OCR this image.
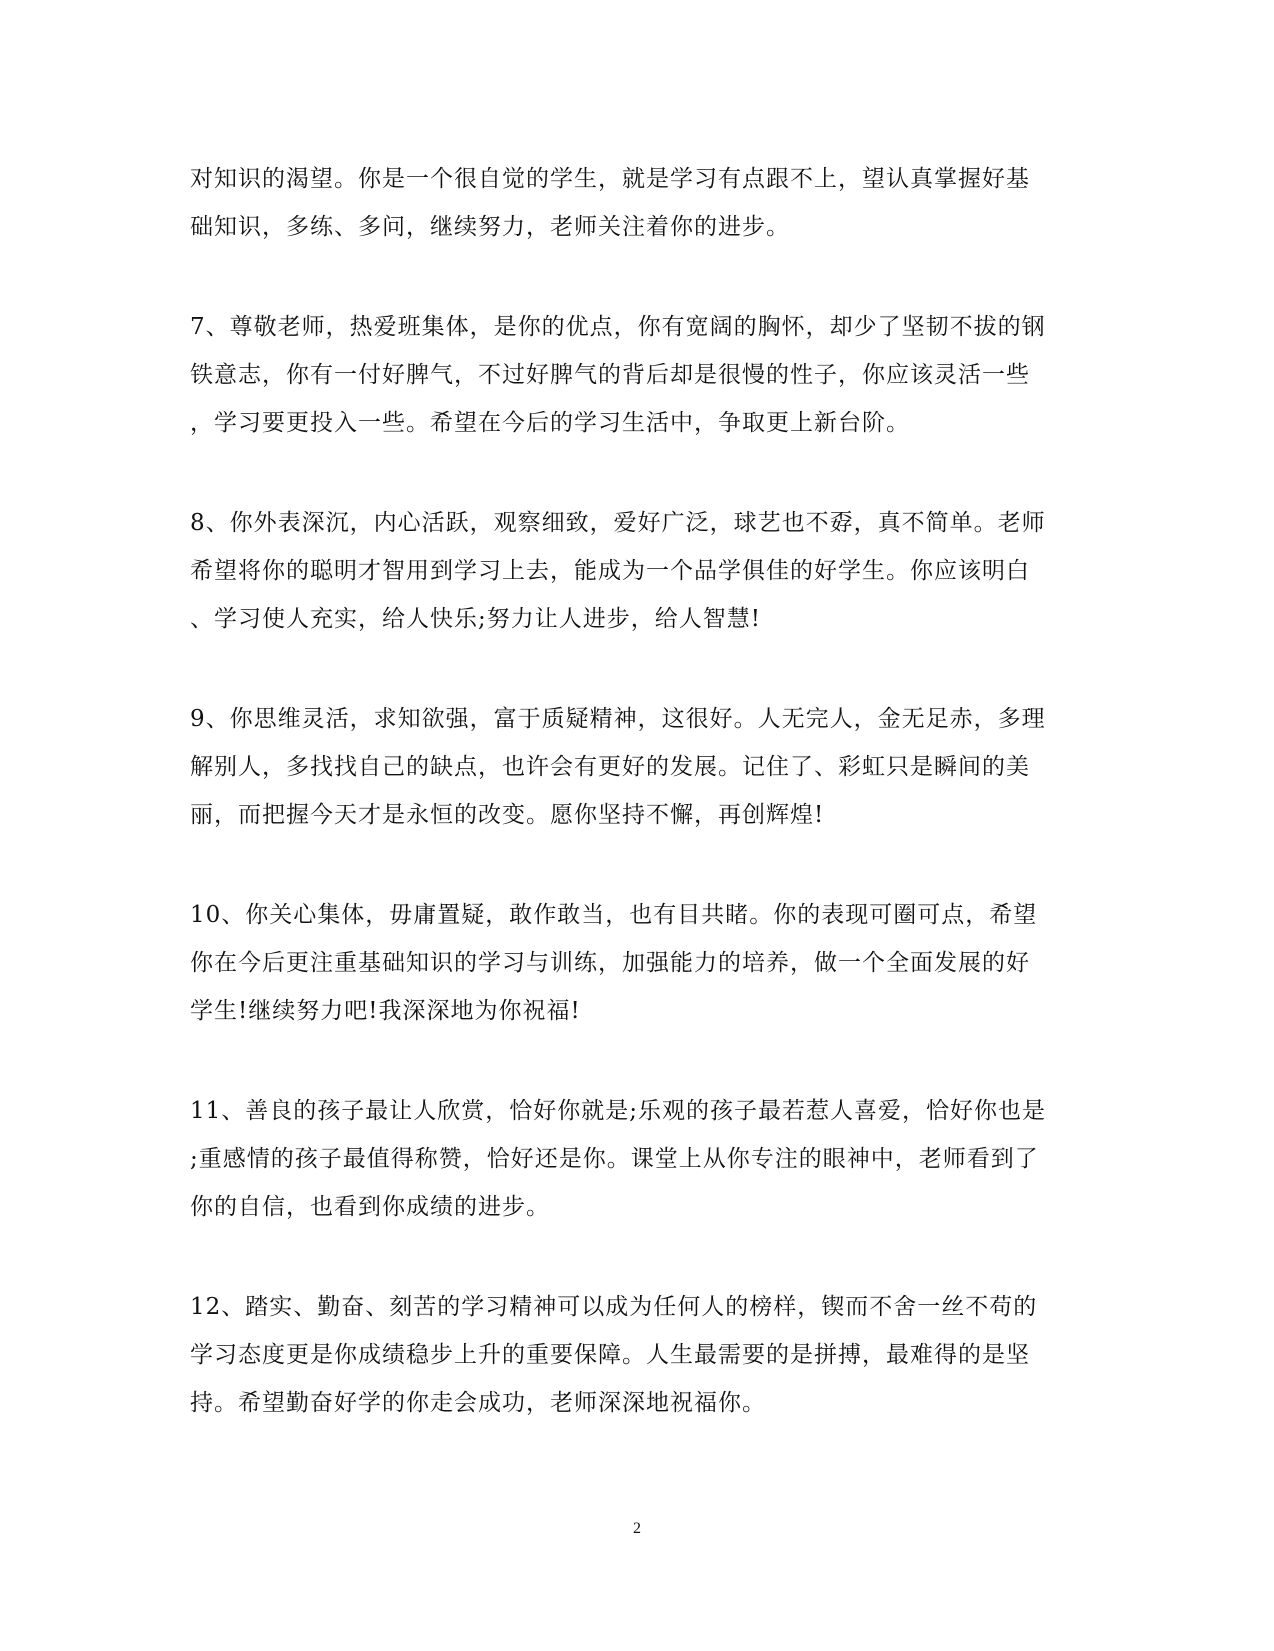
对知识的渴望。你是一个很自觉的学生，就是学习有点跟不上，望认真掌握好基
础知识，多练、多问，继续努力，老师关注着你的进步。

7、尊敬老师，热爱班集体，是你的优点，你有宽阔的胸怀，却少了坚韧不拔的钢
铁意志，你有一付好脾气，不过好脾气的背后却是很慢的性子，你应该灵活一些
，学习要更投入一些。希望在今后的学习生活中，争取更上新台阶。

8、你外表深沉，内心活跃，观察细致，爱好广泛，球艺也不孬，真不简单。老师
希望将你的聪明才智用到学习上去，能成为一个品学俱佳的好学生。你应该明白
、学习使人充实，给人快乐;努力让人进步，给人智慧!

9、你思维灵活，求知欲强，富于质疑精神，这很好。人无完人，金无足赤，多理
解别人，多找找自己的缺点，也许会有更好的发展。记住了、彩虹只是瞬间的美
丽，而把握今天才是永恒的改变。愿你坚持不懈，再创辉煌!

10、你关心集体，毋庸置疑，敢作敢当，也有目共睹。你的表现可圈可点，希望
你在今后更注重基础知识的学习与训练，加强能力的培养，做一个全面发展的好
学生!继续努力吧!我深深地为你祝福!

11、善良的孩子最让人欣赏，恰好你就是;乐观的孩子最若惹人喜爱，恰好你也是
;重感情的孩子最值得称赞，恰好还是你。课堂上从你专注的眼神中，老师看到了
你的自信，也看到你成绩的进步。

12、踏实、勤奋、刻苦的学习精神可以成为任何人的榜样，锲而不舍一丝不苟的
学习态度更是你成绩稳步上升的重要保障。人生最需要的是拼搏，最难得的是坚
持。希望勤奋好学的你走会成功，老师深深地祝福你。

2
